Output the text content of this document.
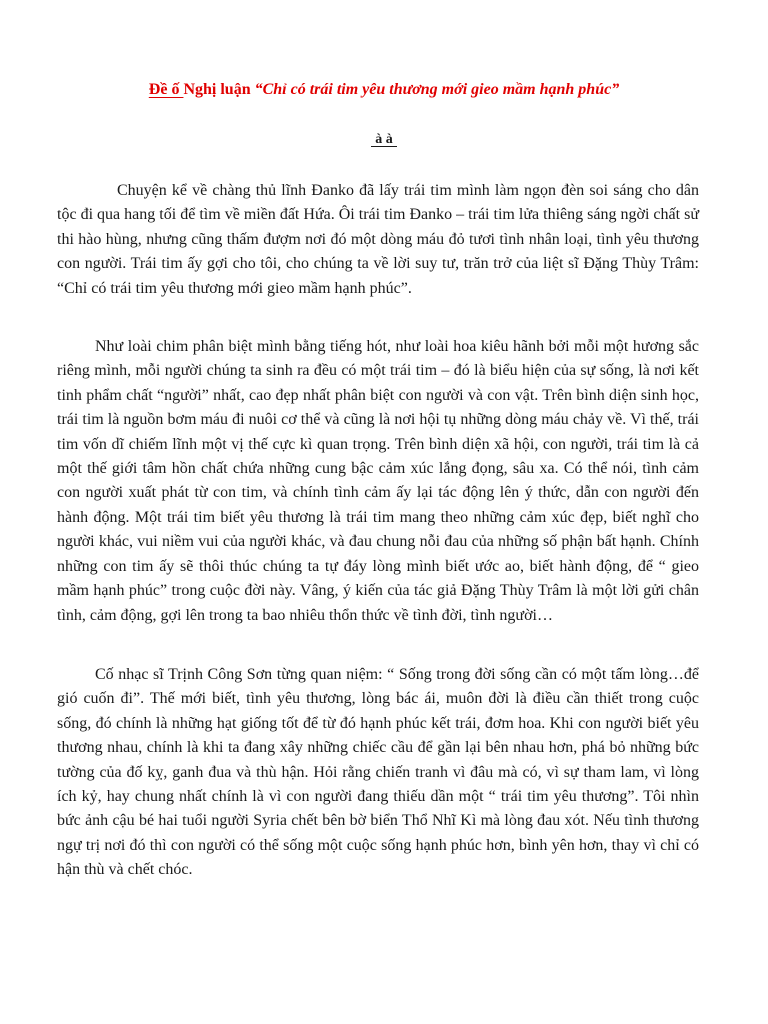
Đề ố Nghị luận “Chỉ có trái tim yêu thương mới gieo mầm hạnh phúc”
à à

Chuyện kể về chàng thủ lĩnh Đanko đã lấy trái tim mình làm ngọn đèn soi sáng cho dân tộc đi qua hang tối để tìm về miền đất Hứa. Ôi trái tim Đanko – trái tim lửa thiêng sáng ngời chất sử thi hào hùng, nhưng cũng thấm đượm nơi đó một dòng máu đỏ tươi tình nhân loại, tình yêu thương con người. Trái tim ấy gợi cho tôi, cho chúng ta về lời suy tư, trăn trở của liệt sĩ Đặng Thùy Trâm: “Chỉ có trái tim yêu thương mới gieo mầm hạnh phúc”.

Như loài chim phân biệt mình bằng tiếng hót, như loài hoa kiêu hãnh bởi mỗi một hương sắc riêng mình, mỗi người chúng ta sinh ra đều có một trái tim – đó là biểu hiện của sự sống, là nơi kết tinh phẩm chất “người” nhất, cao đẹp nhất phân biệt con người và con vật. Trên bình diện sinh học, trái tim là nguồn bơm máu đi nuôi cơ thể và cũng là nơi hội tụ những dòng máu chảy về. Vì thế, trái tim vốn dĩ chiếm lĩnh một vị thế cực kì quan trọng. Trên bình diện xã hội, con người, trái tim là cả một thế giới tâm hồn chất chứa những cung bậc cảm xúc lắng đọng, sâu xa. Có thể nói, tình cảm con người xuất phát từ con tim, và chính tình cảm ấy lại tác động lên ý thức, dẫn con người đến hành động. Một trái tim biết yêu thương là trái tim mang theo những cảm xúc đẹp, biết nghĩ cho người khác, vui niềm vui của người khác, và đau chung nỗi đau của những số phận bất hạnh. Chính những con tim ấy sẽ thôi thúc chúng ta tự đáy lòng mình biết ước ao, biết hành động, để “ gieo mầm hạnh phúc” trong cuộc đời này. Vâng, ý kiến của tác giả Đặng Thùy Trâm là một lời gửi chân tình, cảm động, gợi lên trong ta bao nhiêu thổn thức về tình đời, tình người…

Cố nhạc sĩ Trịnh Công Sơn từng quan niệm: “ Sống trong đời sống cần có một tấm lòng…để gió cuốn đi”. Thế mới biết, tình yêu thương, lòng bác ái, muôn đời là điều cần thiết trong cuộc sống, đó chính là những hạt giống tốt để từ đó hạnh phúc kết trái, đơm hoa. Khi con người biết yêu thương nhau, chính là khi ta đang xây những chiếc cầu để gần lại bên nhau hơn, phá bỏ những bức tường của đố kỵ, ganh đua và thù hận. Hỏi rằng chiến tranh vì đâu mà có, vì sự tham lam, vì lòng ích kỷ, hay chung nhất chính là vì con người đang thiếu dần một “ trái tim yêu thương”. Tôi nhìn bức ảnh cậu bé hai tuổi người Syria chết bên bờ biển Thổ Nhĩ Kì mà lòng đau xót. Nếu tình thương ngự trị nơi đó thì con người có thể sống một cuộc sống hạnh phúc hơn, bình yên hơn, thay vì chỉ có hận thù và chết chóc.
